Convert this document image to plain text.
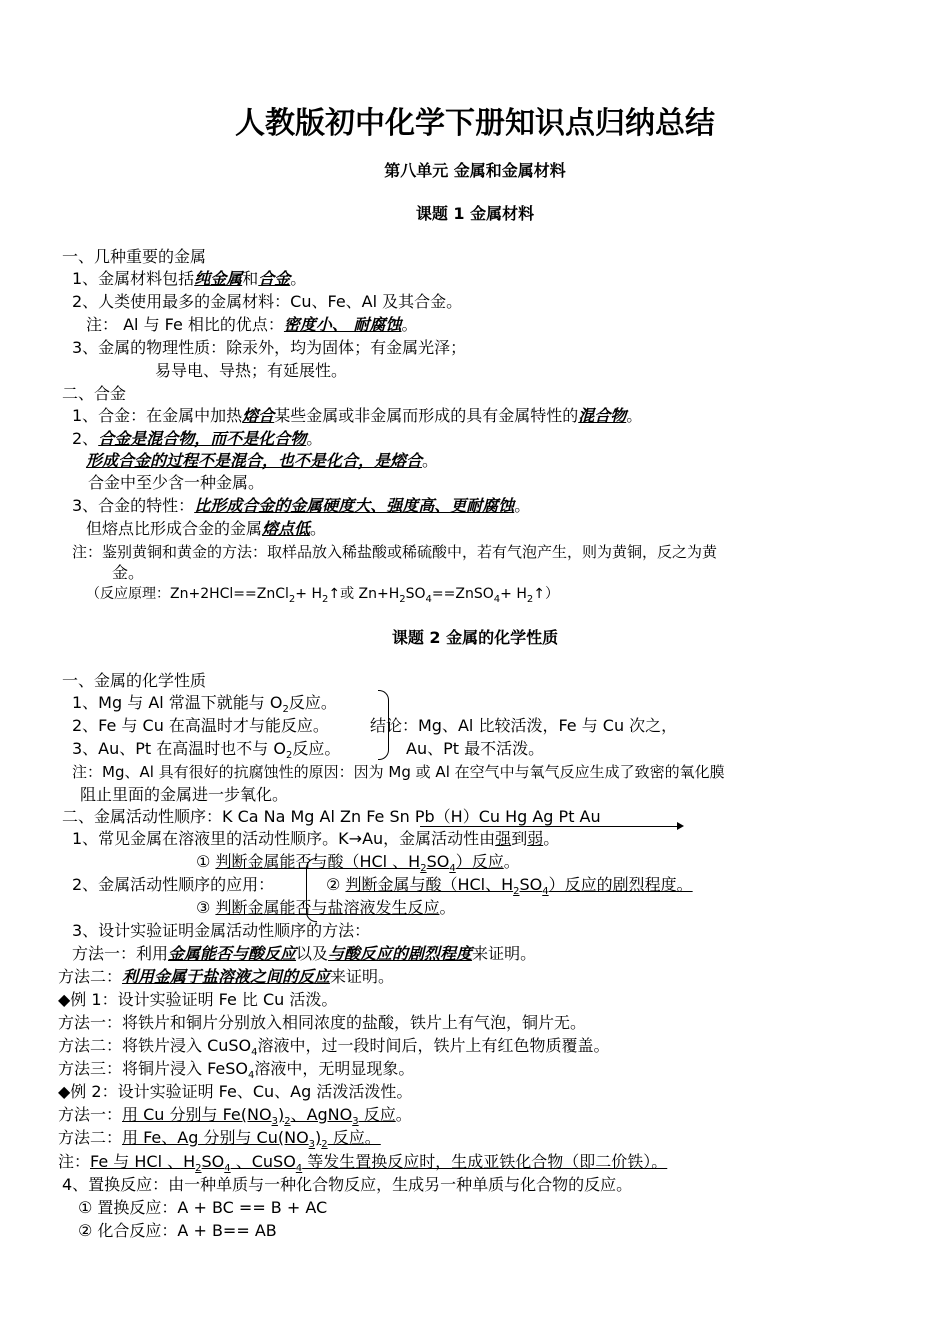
人教版初中化学下册知识点归纳总结
第八单元 金属和金属材料
课题 1 金属材料
一、几种重要的金属
1、金属材料包括纯金属和合金。
2、人类使用最多的金属材料：Cu、Fe、Al 及其合金。
注： Al 与 Fe 相比的优点：密度小、 耐腐蚀。
3、金属的物理性质：除汞外，均为固体；有金属光泽；
易导电、导热；有延展性。
二、合金
1、合金：在金属中加热熔合某些金属或非金属而形成的具有金属特性的混合物。
2、合金是混合物，而不是化合物。
形成合金的过程不是混合，也不是化合，是熔合。
合金中至少含一种金属。
3、合金的特性：比形成合金的金属硬度大、强度高、更耐腐蚀。
但熔点比形成合金的金属熔点低。
注：鉴别黄铜和黄金的方法：取样品放入稀盐酸或稀硫酸中，若有气泡产生，则为黄铜，反之为黄
金。
（反应原理：Zn+2HCl==ZnCl$_2$+ $H_2↑$或 $Zn+H_2SO_4==ZnSO_4+$ $H_2↑$）
课题 2 金属的化学性质
一、金属的化学性质
1、Mg 与 Al 常温下就能与 $O_2$反应。
2、Fe 与 Cu 在高温时才与能反应。	结论：Mg、Al 比较活泼，Fe 与 Cu 次之，
3、Au、Pt 在高温时也不与 $O_2$反应。	Au、Pt 最不活泼。
注：Mg、Al 具有很好的抗腐蚀性的原因：因为 Mg 或 Al 在空气中与氧气反应生成了致密的氧化膜
阻止里面的金属进一步氧化。
二、金属活动性顺序：K Ca Na Mg Al Zn Fe Sn Pb（H）Cu Hg Ag Pt Au
1、常见金属在溶液里的活动性顺序。K→Au，金属活动性由强到弱。
① 判断金属能否与酸（HCl 、$H_2SO_4$）反应。
2、金属活动性顺序的应用：	② 判断金属与酸（HCl、$H_2SO_4$）反应的剧烈程度。
③ 判断金属能否与盐溶液发生反应。
3、设计实验证明金属活动性顺序的方法：
方法一：利用金属能否与酸反应以及与酸反应的剧烈程度来证明。
方法二：利用金属于盐溶液之间的反应来证明。
◆例 1：设计实验证明 Fe 比 Cu 活泼。
方法一：将铁片和铜片分别放入相同浓度的盐酸，铁片上有气泡，铜片无。
方法二：将铁片浸入 CuSO$_4$溶液中，过一段时间后，铁片上有红色物质覆盖。
方法三：将铜片浸入 FeSO$_4$溶液中，无明显现象。
◆例 2：设计实验证明 Fe、Cu、Ag 活泼活泼性。
方法一：用 Cu 分别与 $Fe(NO_3)_2$、AgNO$_3$ 反应。
方法二：用 Fe、Ag 分别与 $Cu(NO_3)_2$ 反应。
注：Fe 与 HCl 、$H_2SO_4$ 、CuSO$_4$ 等发生置换反应时，生成亚铁化合物（即二价铁）。
4、置换反应：由一种单质与一种化合物反应，生成另一种单质与化合物的反应。
① 置换反应：A + BC == B + AC
② 化合反应：A + B== AB
